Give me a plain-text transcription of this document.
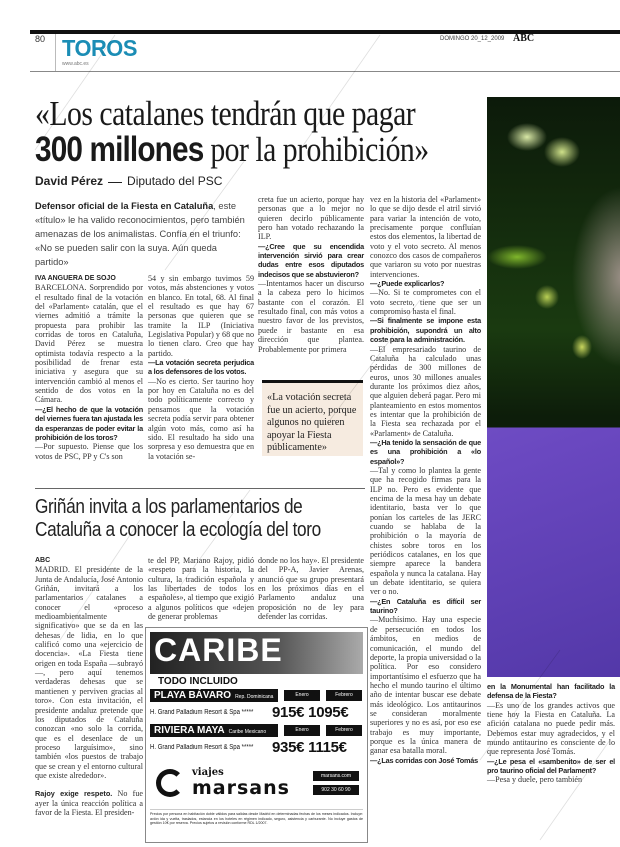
80 TOROS
www.abc.es
DOMINGO 20_12_2009 ABC
«Los catalanes tendrán que pagar
300 millones por la prohibición»
David Pérez Diputado del PSC
Defensor oficial de la Fiesta en Cataluña, este «título» le ha valido reconocimientos, pero también amenazas de los animalistas. Confía en el triunfo: «No se pueden salir con la suya. Aún queda partido»

IVA ANGUERA DE SOJO

BARCELONA. Sorprendido por el resultado final de la votación del «Parlament» catalán, que el viernes admitió a trámite la propuesta para prohibir las corridas de toros en Cataluña, David Pérez se muestra optimista todavía respecto a la posibilidad de frenar esta iniciativa y asegura que su intervención cambió al menos el sentido de dos votos en la Cámara.

—¿El hecho de que la votación del viernes fuera tan ajustada les da esperanzas de poder evitar la prohibición de los toros?

—Por supuesto. Piense que los votos de PSC, PP y C's son

54 y sin embargo tuvimos 59 votos, más abstenciones y votos en blanco. En total, 68. Al final el resultado es que hay 67 personas que quieren que se tramite la ILP (Iniciativa Legislativa Popular) y 68 que no lo tienen claro. Creo que hay partido.

—La votación secreta perjudica a los defensores de los votos.

—No es cierto. Ser taurino hoy por hoy en Cataluña no es del todo políticamente correcto y pensamos que la votación secreta podía servir para obtener algún voto más, como así ha sido. El resultado ha sido una sorpresa y eso demuestra que en la votación se-

creta fue un acierto, porque hay personas que a lo mejor no quieren decirlo públicamente pero han votado rechazando la ILP.

—¿Cree que su encendida intervención sirvió para crear dudas entre esos diputados indecisos que se abstuvieron?

—Intentamos hacer un discurso a la cabeza pero lo hicimos bastante con el corazón. El resultado final, con más votos a nuestro favor de los previstos, puede ir bastante en esa dirección que plantea. Probablemente por primera

vez en la historia del «Parlament» lo que se dijo desde el atril sirvió para variar la intención de voto, precisamente porque confluían estos dos elementos, la libertad de voto y el voto secreto. Al menos conozco dos casos de compañeros que variaron su voto por nuestras intervenciones.

—¿Puede explicarlos?

—No. Si te comprometes con el voto secreto, tiene que ser un compromiso hasta el final.

—Si finalmente se impone esta prohibición, supondrá un alto coste para la administración.

—El empresariado taurino de Cataluña ha calculado unas pérdidas de 300 millones de euros, unos 30 millones anuales durante los próximos diez años, que alguien deberá pagar. Pero mi planteamiento en estos momentos es intentar que la prohibición de la Fiesta sea rechazada por el «Parlament» de Cataluña.

—¿Ha tenido la sensación de que es una prohibición a «lo español»?

—Tal y como lo plantea la gente que ha recogido firmas para la ILP no. Pero es evidente que encima de la mesa hay un debate identitario, basta ver lo que ponían los carteles de las JERC cuando se hablaba de la prohibición o la mayoría de chistes sobre toros en los periódicos catalanes, en los que siempre aparece la bandera española y nunca la catalana. Hay un debate identitario, se quiera ver o no.

—¿En Cataluña es difícil ser taurino?

—Muchísimo. Hay una especie de persecución en todos los ámbitos, en medios de comunicación, el mundo del deporte, la propia universidad o la política. Por eso considero importantísimo el esfuerzo que ha hecho el mundo taurino el último año de intentar buscar ese debate más ideológico. Los antitaurinos se consideran moralmente superiores y no es así, por eso ese trabajo es muy importante, porque es la única manera de ganar esa batalla moral.

—¿Las corridas con José Tomás

en la Monumental han facilitado la defensa de la Fiesta?

—Es uno de los grandes activos que tiene hoy la Fiesta en Cataluña. La afición catalana no puede pedir más. Debemos estar muy agradecidos, y el mundo antitaurino es consciente de lo que representa José Tomás.

—¿Le pesa el «sambenito» de ser el pro taurino oficial del Parlament?

—Pesa y duele, pero también

«La votación secreta fue un acierto, porque algunos no quieren apoyar la Fiesta públicamente»
Griñán invita a los parlamentarios de Cataluña a conocer la ecología del toro

ABC

MADRID. El presidente de la Junta de Andalucía, José Antonio Griñán, invitará a los parlamentarios catalanes a conocer el «proceso medioambientalmente significativo» que se da en las dehesas de lidia, en lo que calificó como una «ejercicio de docencia». «La Fiesta tiene origen en toda España —subrayó—, pero aquí tenemos verdaderas dehesas que se mantienen y perviven gracias al toro». Con esta invitación, el presidente andaluz pretende que los diputados de Cataluña conozcan «no solo la corrida, que es el desenlace de un proceso larguísimo», sino también «los puestos de trabajo que se crean y el entorno cultural que existe alrededor».

Rajoy exige respeto. No fue ayer la única reacción política a favor de la Fiesta. El presiden-

te del PP, Mariano Rajoy, pidió «respeto para la historia, la cultura, la tradición española y las libertades de todos los españoles», al tiempo que exigió a algunos políticos que «dejen de generar problemas

donde no los hay». El presidente del PP-A, Javier Arenas, anunció que su grupo presentará en los próximos días en el Parlamento andaluz una proposición no de ley para defender las corridas.

CARIBE
TODO INCLUIDO
PLAYA BÁVARO Rep. Dominicana	Enero	Febrero
H. Grand Palladium Resort & Spa *****	915€ 1095€
RIVIERA MAYA Caribe Mexicano	Enero	Febrero
H. Grand Palladium Resort & Spa *****	935€ 1115€
viajes
marsans
marsans.com
902 30 60 90
Precios por persona en habitación doble válidos para salidas desde Madrid en determinadas fechas de los meses indicados. Incluye: avión ida y vuelta, traslados, estancia en los hoteles en régimen indicado, seguro, asistencia y carburante. No incluye gastos de gestión 10€ por reserva. Precios sujetos a revisión conforme RDL 1/2007.
